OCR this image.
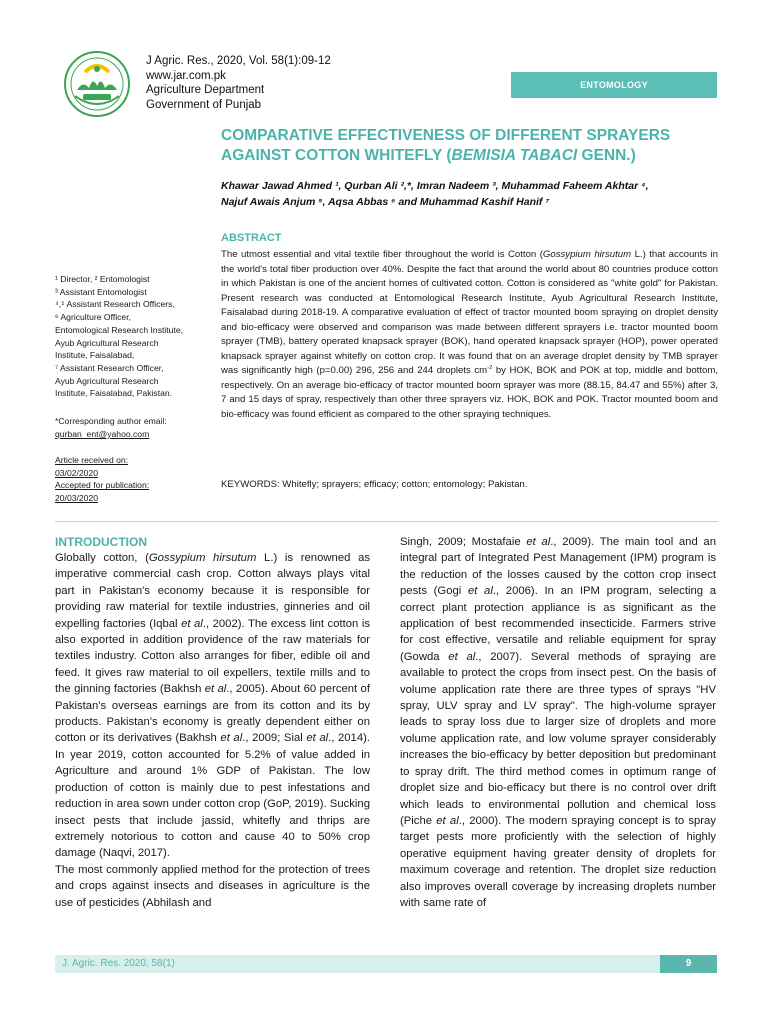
J Agric. Res., 2020, Vol. 58(1):09-12
www.jar.com.pk
Agriculture Department
Government of Punjab
ENTOMOLOGY
COMPARATIVE EFFECTIVENESS OF DIFFERENT SPRAYERS
AGAINST COTTON WHITEFLY (BEMISIA TABACI GENN.)
Khawar Jawad Ahmed ¹, Qurban Ali ²,*, Imran Nadeem ³, Muhammad Faheem Akhtar ⁴,
Najuf Awais Anjum ⁵, Aqsa Abbas ⁶ and Muhammad Kashif Hanif ⁷
ABSTRACT
The utmost essential and vital textile fiber throughout the world is Cotton (Gossypium hirsutum L.) that accounts in the world's total fiber production over 40%. Despite the fact that around the world about 80 countries produce cotton in which Pakistan is one of the ancient homes of cultivated cotton. Cotton is considered as "white gold" for Pakistan. Present research was conducted at Entomological Research Institute, Ayub Agricultural Research Institute, Faisalabad during 2018-19. A comparative evaluation of effect of tractor mounted boom spraying on droplet density and bio-efficacy were observed and comparison was made between different sprayers i.e. tractor mounted boom sprayer (TMB), battery operated knapsack sprayer (BOK), hand operated knapsack sprayer (HOP), power operated knapsack sprayer against whitefly on cotton crop. It was found that on an average droplet density by TMB sprayer was significantly high (p=0.00) 296, 256 and 244 droplets $cm^{-2}$ by HOK, BOK and POK at top, middle and bottom, respectively. On an average bio-efficacy of tractor mounted boom sprayer was more (88.15, 84.47 and 55%) after 3, 7 and 15 days of spray, respectively than other three sprayers viz. HOK, BOK and POK. Tractor mounted boom and bio-efficacy was found efficient as compared to the other spraying techniques.
KEYWORDS: Whitefly; sprayers; efficacy; cotton; entomology; Pakistan.
¹ Director, ² Entomologist
³ Assistant Entomologist
⁴,⁵ Assistant Research Officers,
⁶ Agriculture Officer,
Entomological Research Institute,
Ayub Agricultural Research
Institute, Faisalabad,
⁷ Assistant Research Officer,
Ayub Agricultural Research
Institute, Faisalabad, Pakistan.
*Corresponding author email:
qurban_ent@yahoo.com
Article received on:
03/02/2020
Accepted for publication:
20/03/2020
INTRODUCTION

Globally cotton, (Gossypium hirsutum L.) is renowned as imperative commercial cash crop. Cotton always plays vital part in Pakistan's economy because it is responsible for providing raw material for textile industries, ginneries and oil expelling factories (Iqbal et al., 2002). The excess lint cotton is also exported in addition providence of the raw materials for textiles industry. Cotton also arranges for fiber, edible oil and feed. It gives raw material to oil expellers, textile mills and to the ginning factories (Bakhsh et al., 2005). About 60 percent of Pakistan's overseas earnings are from its cotton and its by products. Pakistan's economy is greatly dependent either on cotton or its derivatives (Bakhsh et al., 2009; Sial et al., 2014). In year 2019, cotton accounted for 5.2% of value added in Agriculture and around 1% GDP of Pakistan. The low production of cotton is mainly due to pest infestations and reduction in area sown under cotton crop (GoP, 2019). Sucking insect pests that include jassid, whitefly and thrips are extremely notorious to cotton and cause 40 to 50% crop damage (Naqvi, 2017).

The most commonly applied method for the protection of trees and crops against insects and diseases in agriculture is the use of pesticides (Abhilash and

Singh, 2009; Mostafaie et al., 2009). The main tool and an integral part of Integrated Pest Management (IPM) program is the reduction of the losses caused by the cotton crop insect pests (Gogi et al., 2006). In an IPM program, selecting a correct plant protection appliance is as significant as the application of best recommended insecticide. Farmers strive for cost effective, versatile and reliable equipment for spray (Gowda et al., 2007). Several methods of spraying are available to protect the crops from insect pest. On the basis of volume application rate there are three types of sprays "HV spray, ULV spray and LV spray". The high-volume sprayer leads to spray loss due to larger size of droplets and more volume application rate, and low volume sprayer considerably increases the bio-efficacy by better deposition but predominant to spray drift. The third method comes in optimum range of droplet size and bio-efficacy but there is no control over drift which leads to environmental pollution and chemical loss (Piche et al., 2000). The modern spraying concept is to spray target pests more proficiently with the selection of highly operative equipment having greater density of droplets for maximum coverage and retention. The droplet size reduction also improves overall coverage by increasing droplets number with same rate of

J. Agric. Res. 2020, 58(1)	9
